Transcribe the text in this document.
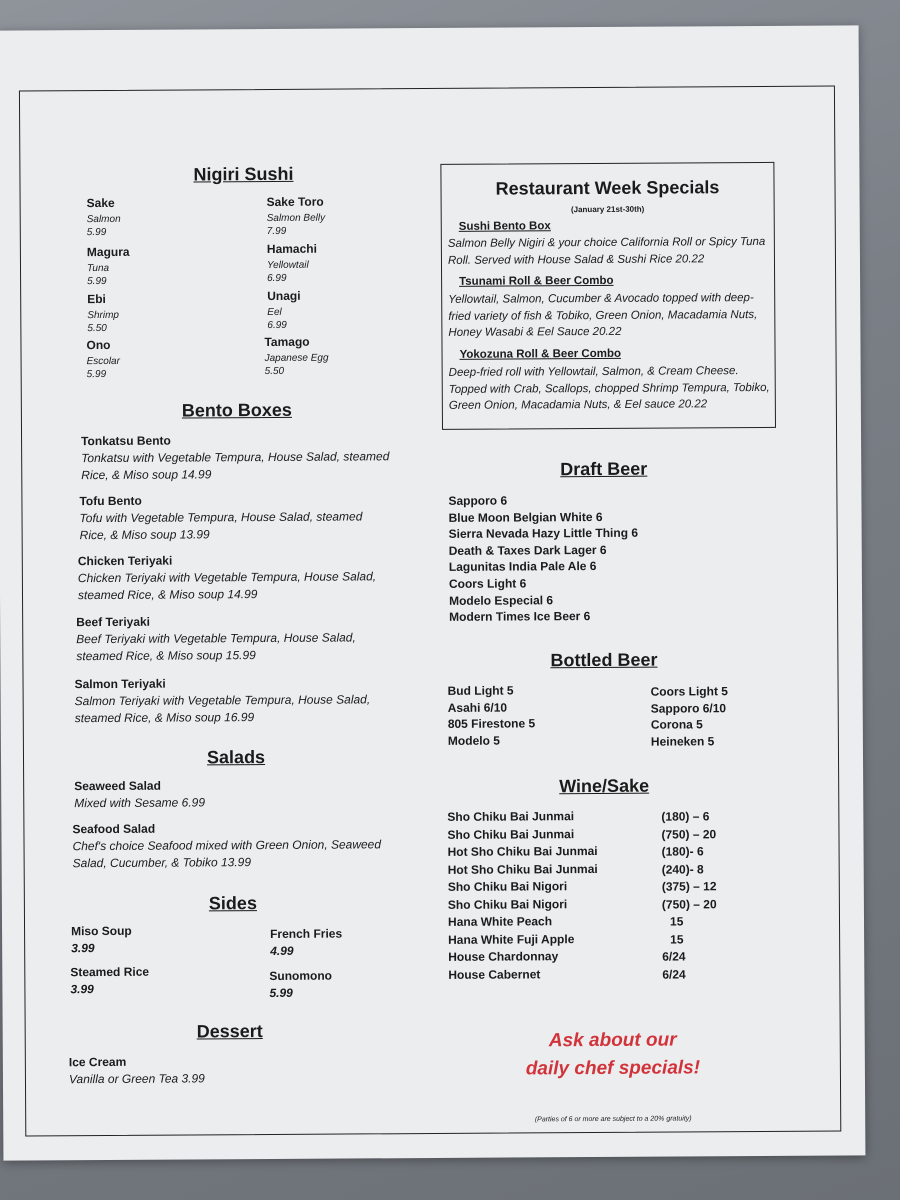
Nigiri Sushi
Sake
Salmon
5.99
Sake Toro
Salmon Belly
7.99
Magura
Tuna
5.99
Hamachi
Yellowtail
6.99
Ebi
Shrimp
5.50
Unagi
Eel
6.99
Ono
Escolar
5.99
Tamago
Japanese Egg
5.50
Bento Boxes
Tonkatsu Bento
Tonkatsu with Vegetable Tempura, House Salad, steamed Rice, & Miso soup 14.99
Tofu Bento
Tofu with Vegetable Tempura, House Salad, steamed Rice, & Miso soup 13.99
Chicken Teriyaki
Chicken Teriyaki with Vegetable Tempura, House Salad, steamed Rice, & Miso soup 14.99
Beef Teriyaki
Beef Teriyaki with Vegetable Tempura, House Salad, steamed Rice, & Miso soup 15.99
Salmon Teriyaki
Salmon Teriyaki with Vegetable Tempura, House Salad, steamed Rice, & Miso soup 16.99
Salads
Seaweed Salad
Mixed with Sesame 6.99
Seafood Salad
Chef's choice Seafood mixed with Green Onion, Seaweed Salad, Cucumber, & Tobiko 13.99
Sides
Miso Soup
3.99
French Fries
4.99
Steamed Rice
3.99
Sunomono
5.99
Dessert
Ice Cream
Vanilla or Green Tea 3.99
Restaurant Week Specials
(January 21st-30th)
Sushi Bento Box
Salmon Belly Nigiri & your choice California Roll or Spicy Tuna Roll. Served with House Salad & Sushi Rice 20.22
Tsunami Roll & Beer Combo
Yellowtail, Salmon, Cucumber & Avocado topped with deep-fried variety of fish & Tobiko, Green Onion, Macadamia Nuts, Honey Wasabi & Eel Sauce 20.22
Yokozuna Roll & Beer Combo
Deep-fried roll with Yellowtail, Salmon, & Cream Cheese. Topped with Crab, Scallops, chopped Shrimp Tempura, Tobiko, Green Onion, Macadamia Nuts, & Eel sauce 20.22
Draft Beer
Sapporo 6
Blue Moon Belgian White 6
Sierra Nevada Hazy Little Thing 6
Death & Taxes Dark Lager 6
Lagunitas India Pale Ale 6
Coors Light 6
Modelo Especial 6
Modern Times Ice Beer 6
Bottled Beer
Bud Light 5
Asahi 6/10
805 Firestone 5
Modelo 5
Coors Light 5
Sapporo 6/10
Corona 5
Heineken 5
Wine/Sake
Sho Chiku Bai Junmai
Sho Chiku Bai Junmai
Hot Sho Chiku Bai Junmai
Hot Sho Chiku Bai Junmai
Sho Chiku Bai Nigori
Sho Chiku Bai Nigori
Hana White Peach
Hana White Fuji Apple
House Chardonnay
House Cabernet
(180) – 6
(750) – 20
(180)- 6
(240)- 8
(375) – 12
(750) – 20
15
15
6/24
6/24
Ask about our
daily chef specials!
(Parties of 6 or more are subject to a 20% gratuity)
